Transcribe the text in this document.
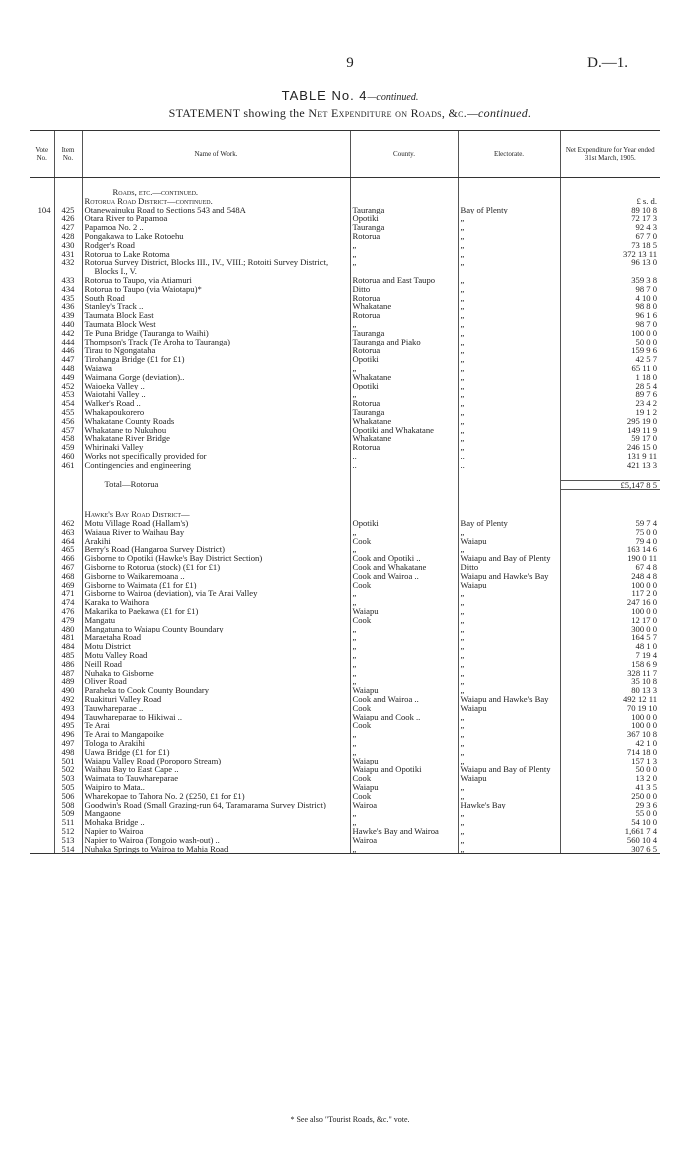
9	D.—1.
TABLE No. 4—continued.
STATEMENT showing the Net Expenditure on Roads, &c.—continued.
Vote No.	Item No.	Name of Work.	County.	Electorate.	Net Expenditure for Year ended 31st March, 1905.

		Roads, etc.—continued.			
		Rotorua Road District—continued.			£ s. d.
104	425	Otanewainuku Road to Sections 543 and 548A	Tauranga	Bay of Plenty	89 10 8
	426	Otara River to Papamoa	Opotiki	„	72 17 3
	427	Papamoa No. 2 ..	Tauranga	„	92 4 3
	428	Pongakawa to Lake Rotoehu	Rotorua	„	67 7 0
	430	Rodger's Road	„	„	73 18 5
	431	Rotorua to Lake Rotoma	„	„	372 13 11
	432	Rotorua Survey District, Blocks III., IV., VIII.; Rotoiti Survey District, Blocks I., V.	„	„	96 13 0
	433	Rotorua to Taupo, via Atiamuri	Rotorua and East Taupo	„	359 3 8
	434	Rotorua to Taupo (via Waiotapu)*	Ditto	„	98 7 0
	435	South Road	Rotorua	„	4 10 0
	436	Stanley's Track ..	Whakatane	„	98 8 0
	439	Taumata Block East	Rotorua	„	96 1 6
	440	Taumata Block West	„	„	98 7 0
	442	Te Puna Bridge (Tauranga to Waihi)	Tauranga	„	100 0 0
	444	Thompson's Track (Te Aroha to Tauranga)	Tauranga and Piako	„	50 0 0
	446	Tirau to Ngongataha	Rotorua	„	159 9 6
	447	Tirohanga Bridge (£1 for £1)	Opotiki	„	42 5 7
	448	Waiawa	„	„	65 11 0
	449	Waimana Gorge (deviation)..	Whakatane	„	1 18 0
	452	Waioeka Valley ..	Opotiki	„	28 5 4
	453	Waiotahi Valley ..	„	„	89 7 6
	454	Walker's Road ..	Rotorua	„	23 4 2
	455	Whakapoukorero	Tauranga	„	19 1 2
	456	Whakatane County Roads	Whakatane	„	295 19 0
	457	Whakatane to Nukuhou	Opotiki and Whakatane	„	149 11 9
	458	Whakatane River Bridge	Whakatane	„	59 17 0
	459	Whirinaki Valley	Rotorua	„	246 15 0
	460	Works not specifically provided for	..	..	131 9 11
	461	Contingencies and engineering	..	..	421 13 3

		Total—Rotorua			£5,147 8 5

		Hawke's Bay Road District—			
	462	Motu Village Road (Hallam's)	Opotiki	Bay of Plenty	59 7 4
	463	Waiaua River to Waihau Bay	„	„	75 0 0
	464	Arakihi	Cook	Waiapu	79 4 0
	465	Berry's Road (Hangaroa Survey District)	„	„	163 14 6
	466	Gisborne to Opotiki (Hawke's Bay District Section)	Cook and Opotiki ..	Waiapu and Bay of Plenty	190 0 11
	467	Gisborne to Rotorua (stock) (£1 for £1)	Cook and Whakatane	Ditto	67 4 8
	468	Gisborne to Waikaremoana ..	Cook and Wairoa ..	Waiapu and Hawke's Bay	248 4 8
	469	Gisborne to Waimata (£1 for £1)	Cook	Waiapu	100 0 0
	471	Gisborne to Wairoa (deviation), via Te Arai Valley	„	„	117 2 0
	474	Karaka to Waihora	„	„	247 16 0
	476	Makarika to Paekawa (£1 for £1)	Waiapu	„	100 0 0
	479	Mangatu	Cook	„	12 17 0
	480	Mangatuna to Waiapu County Boundary	„	„	300 0 0
	481	Maraetaha Road	„	„	164 5 7
	484	Motu District	„	„	48 1 0
	485	Motu Valley Road	„	„	7 19 4
	486	Neill Road	„	„	158 6 9
	487	Nuhaka to Gisborne	„	„	328 11 7
	489	Oliver Road	„	„	35 10 8
	490	Paraheka to Cook County Boundary	Waiapu	„	80 13 3
	492	Ruakituri Valley Road	Cook and Wairoa ..	Waiapu and Hawke's Bay	492 12 11
	493	Tauwhareparae ..	Cook	Waiapu	70 19 10
	494	Tauwhareparae to Hikiwai ..	Waiapu and Cook ..	„	100 0 0
	495	Te Arai	Cook	„	100 0 0
	496	Te Arai to Mangapoike	„	„	367 10 8
	497	Tologa to Arakihi	„	„	42 1 0
	498	Uawa Bridge (£1 for £1)	„	„	714 18 0
	501	Waiapu Valley Road (Poroporo Stream)	Waiapu	„	157 1 3
	502	Waihau Bay to East Cape ..	Waiapu and Opotiki	Waiapu and Bay of Plenty	50 0 0
	503	Waimata to Tauwhareparae	Cook	Waiapu	13 2 0
	505	Waipiro to Mata..	Waiapu	„	41 3 5
	506	Wharekopae to Tahora No. 2 (£250, £1 for £1)	Cook	„	250 0 0
	508	Goodwin's Road (Small Grazing-run 64, Taramarama Survey District)	Wairoa	Hawke's Bay	29 3 6
	509	Mangaone	„	„	55 0 0
	511	Mohaka Bridge ..	„	„	54 10 0
	512	Napier to Wairoa	Hawke's Bay and Wairoa	„	1,661 7 4
	513	Napier to Wairoa (Tongoio wash-out) ..	Wairoa	„	560 10 4
	514	Nuhaka Springs to Wairoa to Mahia Road	„	„	307 6 5
* See also "Tourist Roads, &c." vote.
